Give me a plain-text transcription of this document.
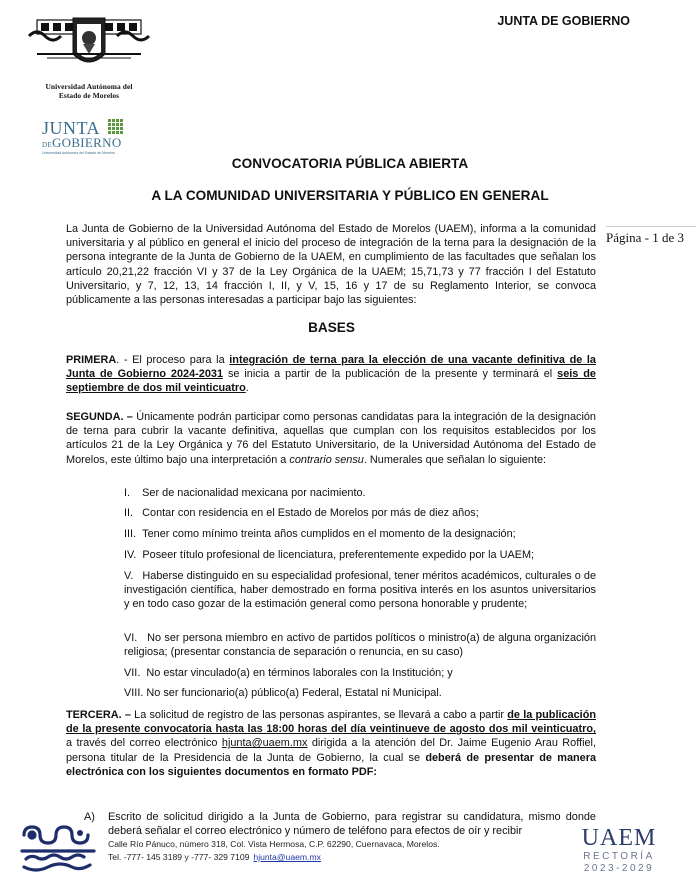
JUNTA DE GOBIERNO
Universidad Autónoma del
Estado de Morelos
JUNTA
DEGOBIERNO
Universidad Autónoma del Estado de Morelos
CONVOCATORIA PÚBLICA ABIERTA
A LA COMUNIDAD UNIVERSITARIA Y PÚBLICO EN GENERAL
La Junta de Gobierno de la Universidad Autónoma del Estado de Morelos (UAEM), informa a la comunidad universitaria y al público en general el inicio del proceso de integración de la terna para la designación de la persona integrante de la Junta de Gobierno de la UAEM, en cumplimiento de las facultades que señalan los artículo 20,21,22 fracción VI y 37 de la Ley Orgánica de la UAEM; 15,71,73 y 77 fracción I del Estatuto Universitario, y 7, 12, 13, 14 fracción I, II, y V, 15, 16 y 17 de su Reglamento Interior, se convoca públicamente a las personas interesadas a participar bajo las siguientes:
Página - 1 de 3
BASES
PRIMERA. - El proceso para la integración de terna para la elección de una vacante definitiva de la Junta de Gobierno 2024-2031 se inicia a partir de la publicación de la presente y terminará el seis de septiembre de dos mil veinticuatro.
SEGUNDA. – Únicamente podrán participar como personas candidatas para la integración de la designación de terna para cubrir la vacante definitiva, aquellas que cumplan con los requisitos establecidos por los artículos 21 de la Ley Orgánica y 76 del Estatuto Universitario, de la Universidad Autónoma del Estado de Morelos, este último bajo una interpretación a contrario sensu. Numerales que señalan lo siguiente:
I. Ser de nacionalidad mexicana por nacimiento.
II. Contar con residencia en el Estado de Morelos por más de diez años;
III. Tener como mínimo treinta años cumplidos en el momento de la designación;
IV. Poseer título profesional de licenciatura, preferentemente expedido por la UAEM;
V. Haberse distinguido en su especialidad profesional, tener méritos académicos, culturales o de investigación científica, haber demostrado en forma positiva interés en los asuntos universitarios y en todo caso gozar de la estimación general como persona honorable y prudente;
VI. No ser persona miembro en activo de partidos políticos o ministro(a) de alguna organización religiosa; (presentar constancia de separación o renuncia, en su caso)
VII. No estar vinculado(a) en términos laborales con la Institución; y
VIII. No ser funcionario(a) público(a) Federal, Estatal ni Municipal.
TERCERA. – La solicitud de registro de las personas aspirantes, se llevará a cabo a partir de la publicación de la presente convocatoria hasta las 18:00 horas del día veintinueve de agosto dos mil veinticuatro, a través del correo electrónico hjunta@uaem.mx dirigida a la atención del Dr. Jaime Eugenio Arau Roffiel, persona titular de la Presidencia de la Junta de Gobierno, la cual se deberá de presentar de manera electrónica con los siguientes documentos en formato PDF:
A) Escrito de solicitud dirigido a la Junta de Gobierno, para registrar su candidatura, mismo donde deberá señalar el correo electrónico y número de teléfono para efectos de oír y recibir
Calle Río Pánuco, número 318, Col. Vista Hermosa, C.P. 62290, Cuernavaca, Morelos.
Tel. -777- 145 3189 y -777- 329 7109 hjunta@uaem.mx
UAEM
RECTORÍA
2023-2029
